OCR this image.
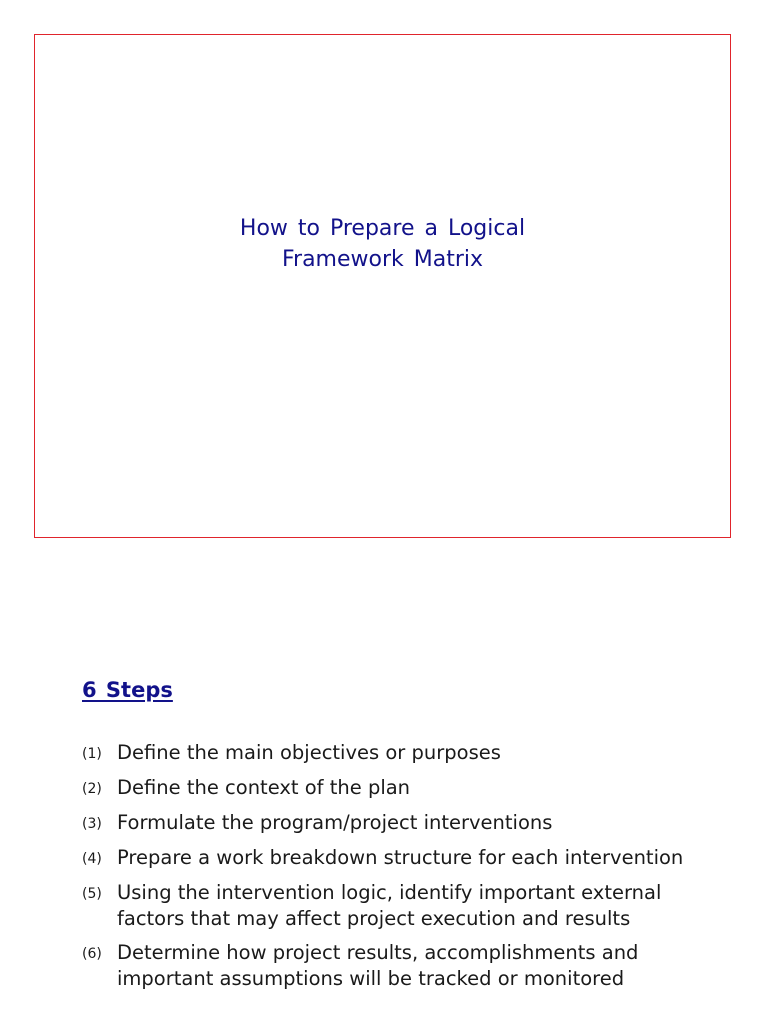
How to Prepare a Logical
Framework Matrix
6 Steps
(1) Define the main objectives or purposes
(2) Define the context of the plan
(3) Formulate the program/project interventions
(4) Prepare a work breakdown structure for each intervention
(5) Using the intervention logic, identify important external factors that may affect project execution and results
(6) Determine how project results, accomplishments and important assumptions will be tracked or monitored
